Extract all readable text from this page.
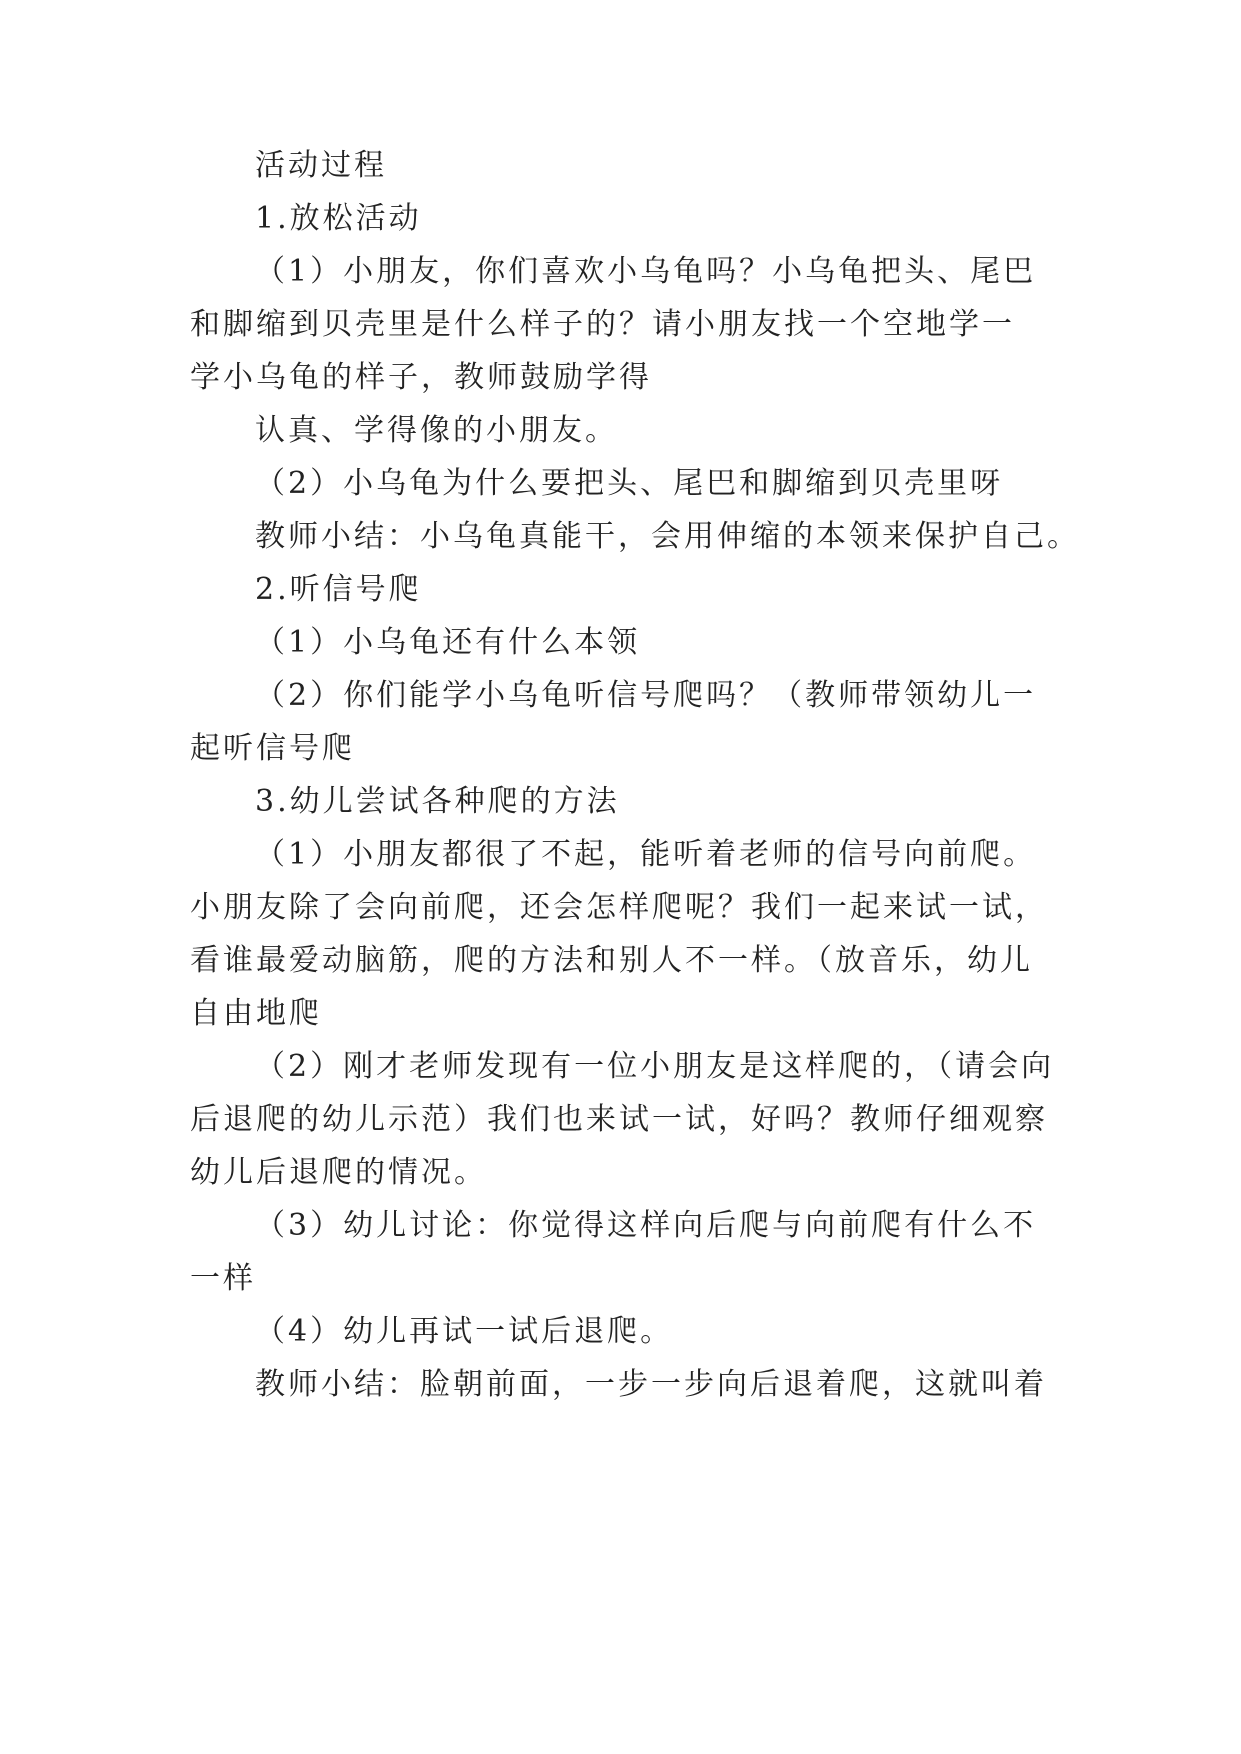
活动过程
1.放松活动
（1）小朋友，你们喜欢小乌龟吗？小乌龟把头、尾巴
和脚缩到贝壳里是什么样子的？请小朋友找一个空地学一
学小乌龟的样子，教师鼓励学得
认真、学得像的小朋友。
（2）小乌龟为什么要把头、尾巴和脚缩到贝壳里呀
教师小结：小乌龟真能干，会用伸缩的本领来保护自己。
2.听信号爬
（1）小乌龟还有什么本领
（2）你们能学小乌龟听信号爬吗？（教师带领幼儿一
起听信号爬
3.幼儿尝试各种爬的方法
（1）小朋友都很了不起，能听着老师的信号向前爬。
小朋友除了会向前爬，还会怎样爬呢？我们一起来试一试，
看谁最爱动脑筋，爬的方法和别人不一样。（放音乐，幼儿
自由地爬
（2）刚才老师发现有一位小朋友是这样爬的，（请会向
后退爬的幼儿示范）我们也来试一试，好吗？教师仔细观察
幼儿后退爬的情况。
（3）幼儿讨论：你觉得这样向后爬与向前爬有什么不
一样
（4）幼儿再试一试后退爬。
教师小结：脸朝前面，一步一步向后退着爬，这就叫着
